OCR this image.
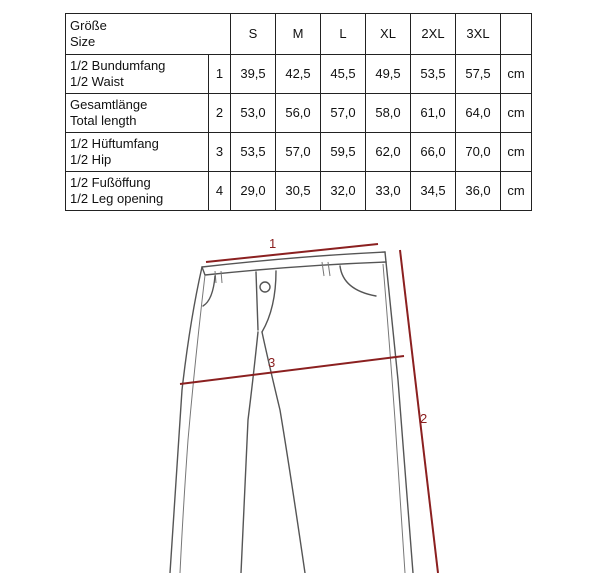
Größe
Size		S	M	L	XL	2XL	3XL	

1/2 Bundumfang
1/2 Waist	1	39,5	42,5	45,5	49,5	53,5	57,5	cm

Gesamtlänge
Total length	2	53,0	56,0	57,0	58,0	61,0	64,0	cm

1/2 Hüftumfang
1/2 Hip	3	53,5	57,0	59,5	62,0	66,0	70,0	cm

1/2 Fußöffung
1/2 Leg opening	4	29,0	30,5	32,0	33,0	34,5	36,0	cm
1
2
3
